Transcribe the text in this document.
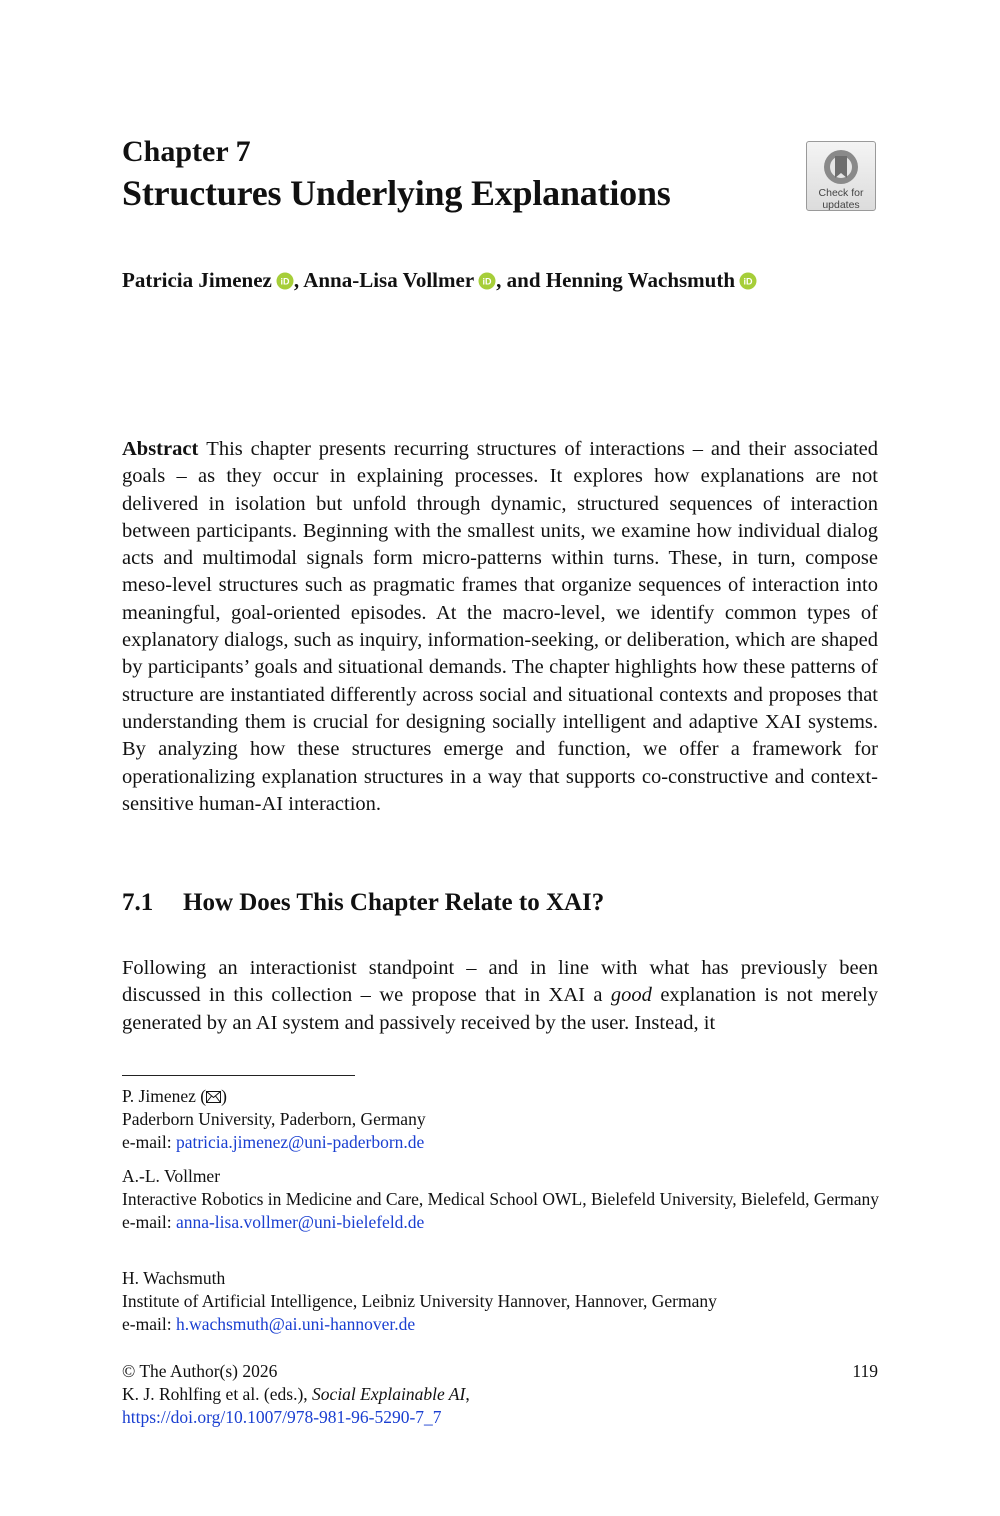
Chapter 7
Structures Underlying Explanations	Check for
updates
Patricia Jimenez iD , Anna-Lisa Vollmer iD , and Henning Wachsmuth iD
Abstract This chapter presents recurring structures of interactions – and their associated goals – as they occur in explaining processes. It explores how explanations are not delivered in isolation but unfold through dynamic, structured sequences of interaction between participants. Beginning with the smallest units, we examine how individual dialog acts and multimodal signals form micro-patterns within turns. These, in turn, compose meso-level structures such as pragmatic frames that organize sequences of interaction into meaningful, goal-oriented episodes. At the macro-level, we identify common types of explanatory dialogs, such as inquiry, information-seeking, or deliberation, which are shaped by participants’ goals and situational demands. The chapter highlights how these patterns of structure are instantiated differently across social and situational contexts and proposes that understanding them is crucial for designing socially intelligent and adaptive XAI systems. By analyzing how these structures emerge and function, we offer a framework for operationalizing explanation structures in a way that supports co-constructive and context-sensitive human-AI interaction.
7.1 How Does This Chapter Relate to XAI?
Following an interactionist standpoint – and in line with what has previously been discussed in this collection – we propose that in XAI a good explanation is not merely generated by an AI system and passively received by the user. Instead, it
P. Jimenez ( )
Paderborn University, Paderborn, Germany
e-mail: patricia.jimenez@uni-paderborn.de
A.-L. Vollmer
Interactive Robotics in Medicine and Care, Medical School OWL, Bielefeld University, Bielefeld, Germany
e-mail: anna-lisa.vollmer@uni-bielefeld.de
H. Wachsmuth
Institute of Artificial Intelligence, Leibniz University Hannover, Hannover, Germany
e-mail: h.wachsmuth@ai.uni-hannover.de
© The Author(s) 2026
K. J. Rohlfing et al. (eds.), Social Explainable AI,
https://doi.org/10.1007/978-981-96-5290-7_7
119
